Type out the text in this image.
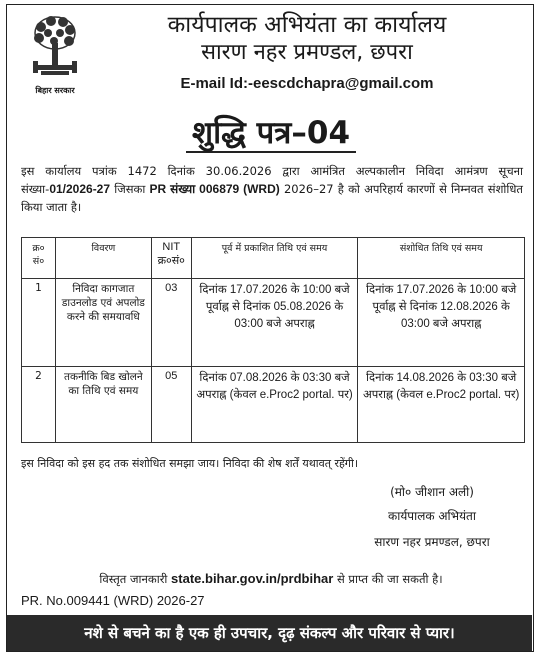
बिहार सरकार
कार्यपालक अभियंता का कार्यालय
सारण नहर प्रमण्डल, छपरा
E-mail Id:-eescdchapra@gmail.com
शुद्धि पत्र–04
इस कार्यालय पत्रांक 1472 दिनांक 30.06.2026 द्वारा आमंत्रित अल्पकालीन निविदा आमंत्रण सूचना संख्या-01/2026-27 जिसका PR संख्या 006879 (WRD) 2026–27 है को अपरिहार्य कारणों से निम्नवत संशोधित किया जाता है।
क्र० सं०	विवरण	NIT क्र०सं०	पूर्व में प्रकाशित तिथि एवं समय	संशोधित तिथि एवं समय
1	निविदा कागजात डाउनलोड एवं अपलोड करने की समयावधि	03	दिनांक 17.07.2026 के 10:00 बजे पूर्वाह्न से दिनांक 05.08.2026 के 03:00 बजे अपराह्न	दिनांक 17.07.2026 के 10:00 बजे पूर्वाह्न से दिनांक 12.08.2026 के 03:00 बजे अपराह्न
2	तकनीकि बिड खोलने का तिथि एवं समय	05	दिनांक 07.08.2026 के 03:30 बजे अपराह्न (केवल e.Proc2 portal. पर)	दिनांक 14.08.2026 के 03:30 बजे अपराह्न (केवल e.Proc2 portal. पर)
इस निविदा को इस हद तक संशोधित समझा जाय। निविदा की शेष शर्तें यथावत् रहेंगी।
(मो० जीशान अली)
कार्यपालक अभियंता
सारण नहर प्रमण्डल, छपरा
विस्तृत जानकारी state.bihar.gov.in/prdbihar से प्राप्त की जा सकती है।
PR. No.009441 (WRD) 2026-27
नशे से बचने का है एक ही उपचार, दृढ़ संकल्प और परिवार से प्यार।
